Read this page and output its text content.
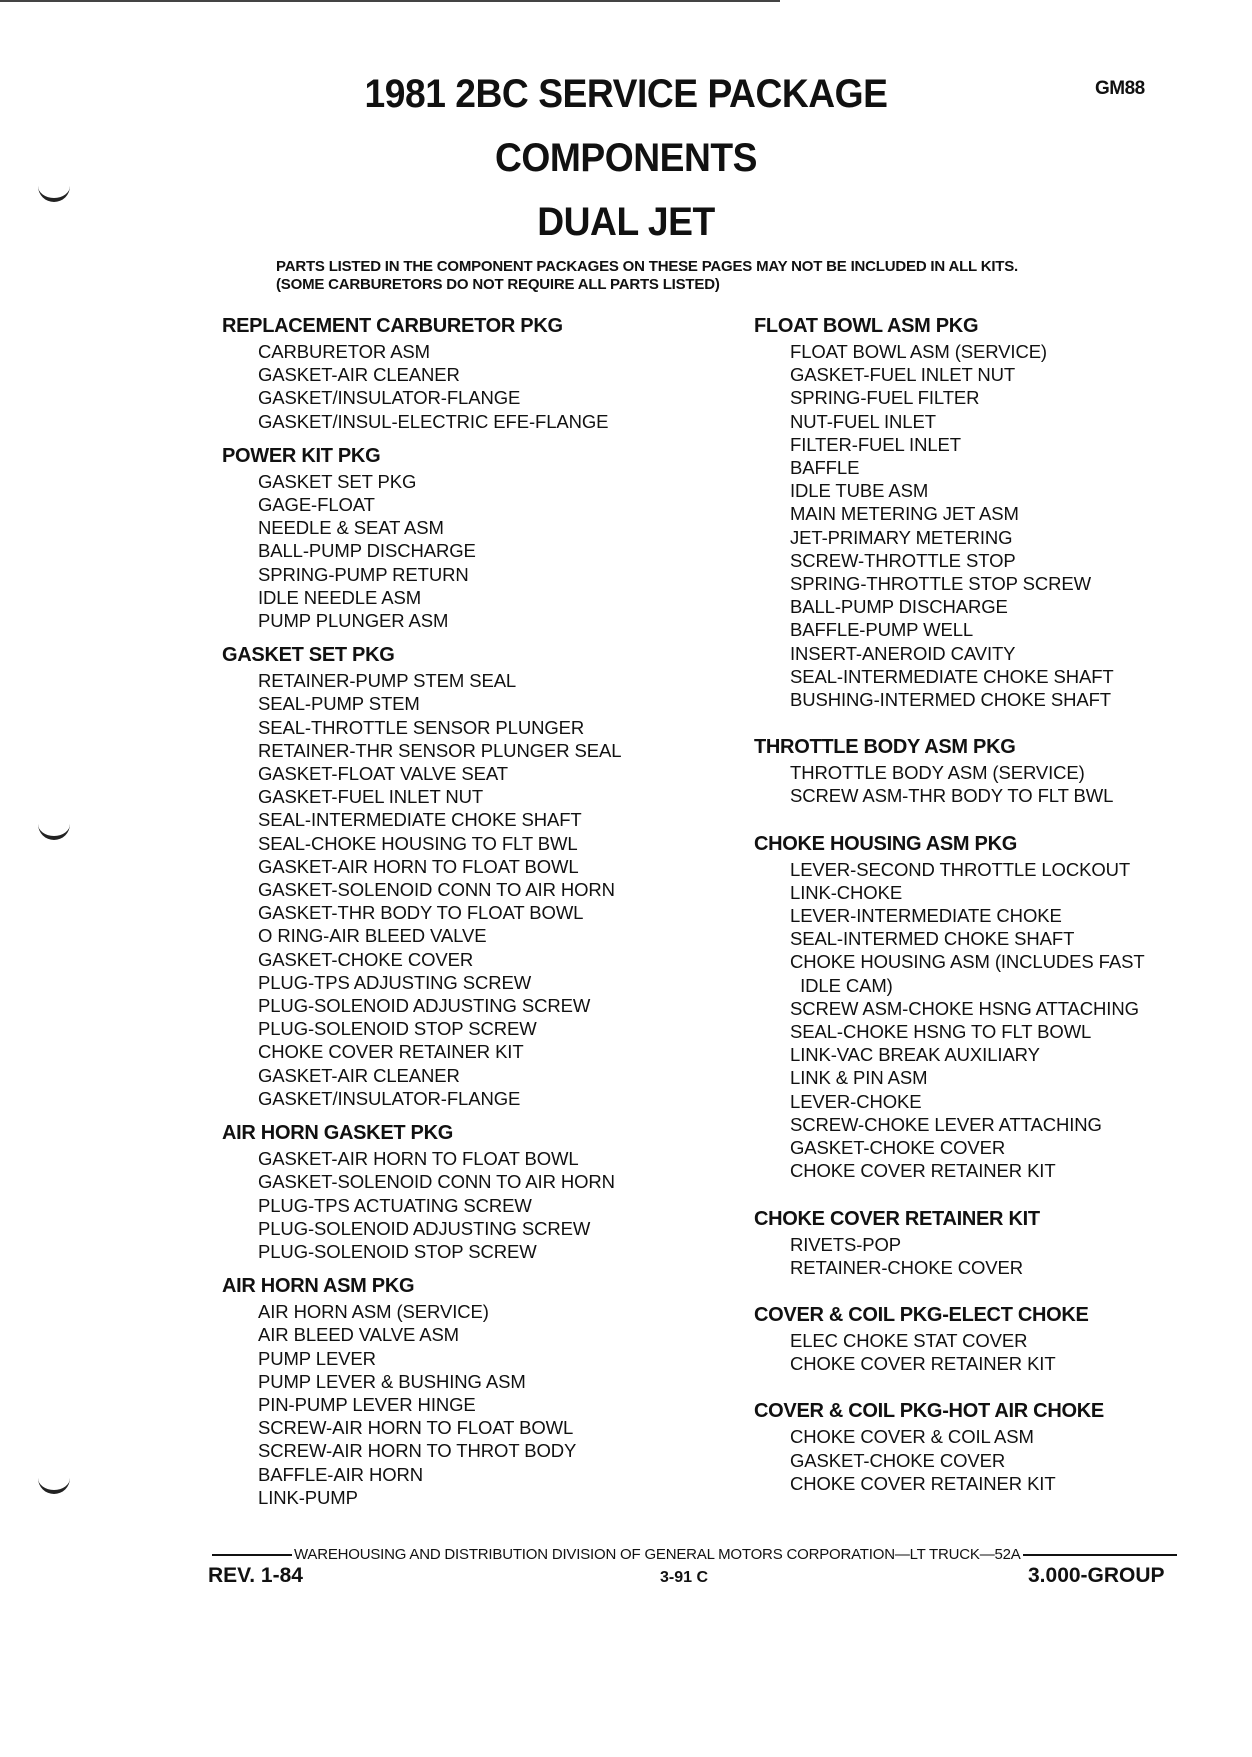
1981 2BC SERVICE PACKAGE
COMPONENTS
DUAL JET
GM88
PARTS LISTED IN THE COMPONENT PACKAGES ON THESE PAGES MAY NOT BE INCLUDED IN ALL KITS.
(SOME CARBURETORS DO NOT REQUIRE ALL PARTS LISTED)
REPLACEMENT CARBURETOR PKG
CARBURETOR ASM
GASKET-AIR CLEANER
GASKET/INSULATOR-FLANGE
GASKET/INSUL-ELECTRIC EFE-FLANGE
POWER KIT PKG
GASKET SET PKG
GAGE-FLOAT
NEEDLE & SEAT ASM
BALL-PUMP DISCHARGE
SPRING-PUMP RETURN
IDLE NEEDLE ASM
PUMP PLUNGER ASM
GASKET SET PKG
RETAINER-PUMP STEM SEAL
SEAL-PUMP STEM
SEAL-THROTTLE SENSOR PLUNGER
RETAINER-THR SENSOR PLUNGER SEAL
GASKET-FLOAT VALVE SEAT
GASKET-FUEL INLET NUT
SEAL-INTERMEDIATE CHOKE SHAFT
SEAL-CHOKE HOUSING TO FLT BWL
GASKET-AIR HORN TO FLOAT BOWL
GASKET-SOLENOID CONN TO AIR HORN
GASKET-THR BODY TO FLOAT BOWL
O RING-AIR BLEED VALVE
GASKET-CHOKE COVER
PLUG-TPS ADJUSTING SCREW
PLUG-SOLENOID ADJUSTING SCREW
PLUG-SOLENOID STOP SCREW
CHOKE COVER RETAINER KIT
GASKET-AIR CLEANER
GASKET/INSULATOR-FLANGE
AIR HORN GASKET PKG
GASKET-AIR HORN TO FLOAT BOWL
GASKET-SOLENOID CONN TO AIR HORN
PLUG-TPS ACTUATING SCREW
PLUG-SOLENOID ADJUSTING SCREW
PLUG-SOLENOID STOP SCREW
AIR HORN ASM PKG
AIR HORN ASM (SERVICE)
AIR BLEED VALVE ASM
PUMP LEVER
PUMP LEVER & BUSHING ASM
PIN-PUMP LEVER HINGE
SCREW-AIR HORN TO FLOAT BOWL
SCREW-AIR HORN TO THROT BODY
BAFFLE-AIR HORN
LINK-PUMP
FLOAT BOWL ASM PKG
FLOAT BOWL ASM (SERVICE)
GASKET-FUEL INLET NUT
SPRING-FUEL FILTER
NUT-FUEL INLET
FILTER-FUEL INLET
BAFFLE
IDLE TUBE ASM
MAIN METERING JET ASM
JET-PRIMARY METERING
SCREW-THROTTLE STOP
SPRING-THROTTLE STOP SCREW
BALL-PUMP DISCHARGE
BAFFLE-PUMP WELL
INSERT-ANEROID CAVITY
SEAL-INTERMEDIATE CHOKE SHAFT
BUSHING-INTERMED CHOKE SHAFT
THROTTLE BODY ASM PKG
THROTTLE BODY ASM (SERVICE)
SCREW ASM-THR BODY TO FLT BWL
CHOKE HOUSING ASM PKG
LEVER-SECOND THROTTLE LOCKOUT
LINK-CHOKE
LEVER-INTERMEDIATE CHOKE
SEAL-INTERMED CHOKE SHAFT
CHOKE HOUSING ASM (INCLUDES FAST
IDLE CAM)
SCREW ASM-CHOKE HSNG ATTACHING
SEAL-CHOKE HSNG TO FLT BOWL
LINK-VAC BREAK AUXILIARY
LINK & PIN ASM
LEVER-CHOKE
SCREW-CHOKE LEVER ATTACHING
GASKET-CHOKE COVER
CHOKE COVER RETAINER KIT
CHOKE COVER RETAINER KIT
RIVETS-POP
RETAINER-CHOKE COVER
COVER & COIL PKG-ELECT CHOKE
ELEC CHOKE STAT COVER
CHOKE COVER RETAINER KIT
COVER & COIL PKG-HOT AIR CHOKE
CHOKE COVER & COIL ASM
GASKET-CHOKE COVER
CHOKE COVER RETAINER KIT
WAREHOUSING AND DISTRIBUTION DIVISION OF GENERAL MOTORS CORPORATION—LT TRUCK—52A
REV. 1-84	3-91 C	3.000-GROUP
